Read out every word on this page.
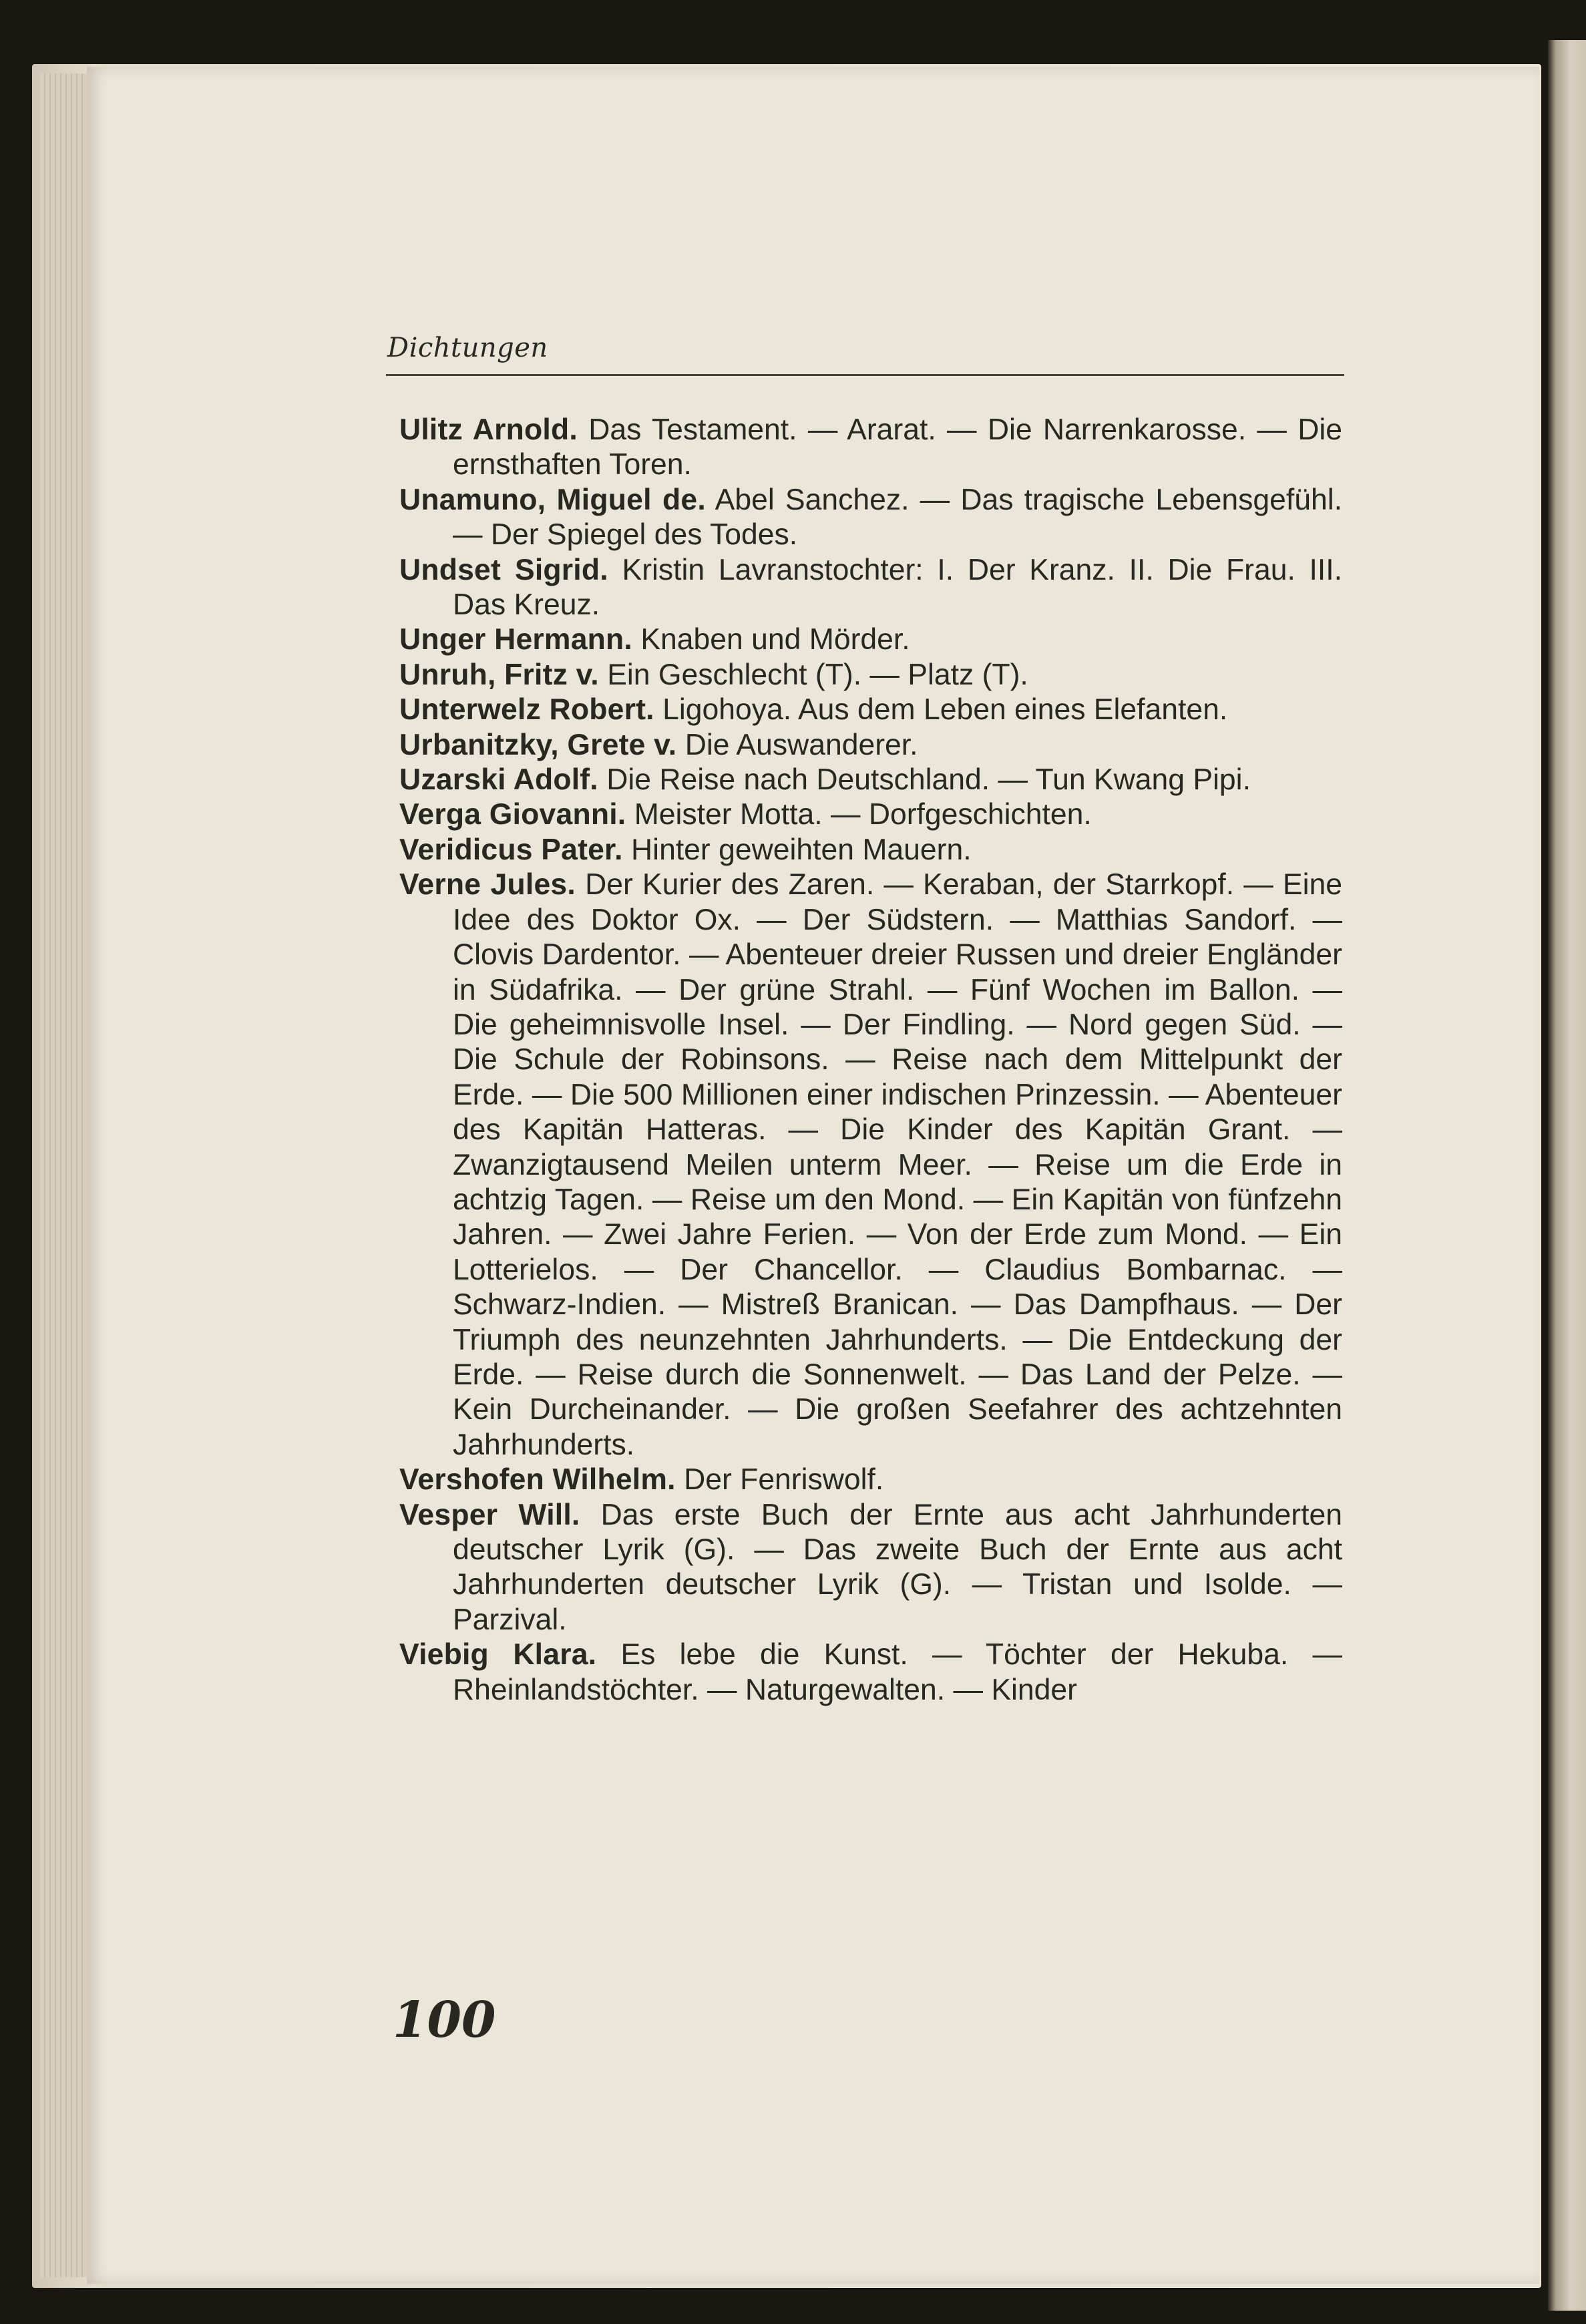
Dichtungen
Ulitz Arnold. Das Testament. — Ararat. — Die Narrenkarosse. — Die ernsthaften Toren.
Unamuno, Miguel de. Abel Sanchez. — Das tragische Lebensgefühl. — Der Spiegel des Todes.
Undset Sigrid. Kristin Lavranstochter: I. Der Kranz. II. Die Frau. III. Das Kreuz.
Unger Hermann. Knaben und Mörder.
Unruh, Fritz v. Ein Geschlecht (T). — Platz (T).
Unterwelz Robert. Ligohoya. Aus dem Leben eines Elefanten.
Urbanitzky, Grete v. Die Auswanderer.
Uzarski Adolf. Die Reise nach Deutschland. — Tun Kwang Pipi.
Verga Giovanni. Meister Motta. — Dorfgeschichten.
Veridicus Pater. Hinter geweihten Mauern.
Verne Jules. Der Kurier des Zaren. — Keraban, der Starrkopf. — Eine Idee des Doktor Ox. — Der Südstern. — Matthias Sandorf. — Clovis Dardentor. — Abenteuer dreier Russen und dreier Engländer in Südafrika. — Der grüne Strahl. — Fünf Wochen im Ballon. — Die geheimnisvolle Insel. — Der Findling. — Nord gegen Süd. — Die Schule der Robinsons. — Reise nach dem Mittelpunkt der Erde. — Die 500 Millionen einer indischen Prinzessin. — Abenteuer des Kapitän Hatteras. — Die Kinder des Kapitän Grant. — Zwanzigtausend Meilen unterm Meer. — Reise um die Erde in achtzig Tagen. — Reise um den Mond. — Ein Kapitän von fünfzehn Jahren. — Zwei Jahre Ferien. — Von der Erde zum Mond. — Ein Lotterielos. — Der Chancellor. — Claudius Bombarnac. — Schwarz-Indien. — Mistreß Branican. — Das Dampfhaus. — Der Triumph des neunzehnten Jahrhunderts. — Die Entdeckung der Erde. — Reise durch die Sonnenwelt. — Das Land der Pelze. — Kein Durcheinander. — Die großen Seefahrer des achtzehnten Jahrhunderts.
Vershofen Wilhelm. Der Fenriswolf.
Vesper Will. Das erste Buch der Ernte aus acht Jahrhunderten deutscher Lyrik (G). — Das zweite Buch der Ernte aus acht Jahrhunderten deutscher Lyrik (G). — Tristan und Isolde. — Parzival.
Viebig Klara. Es lebe die Kunst. — Töchter der Hekuba. — Rheinlandstöchter. — Naturgewalten. — Kinder
100
